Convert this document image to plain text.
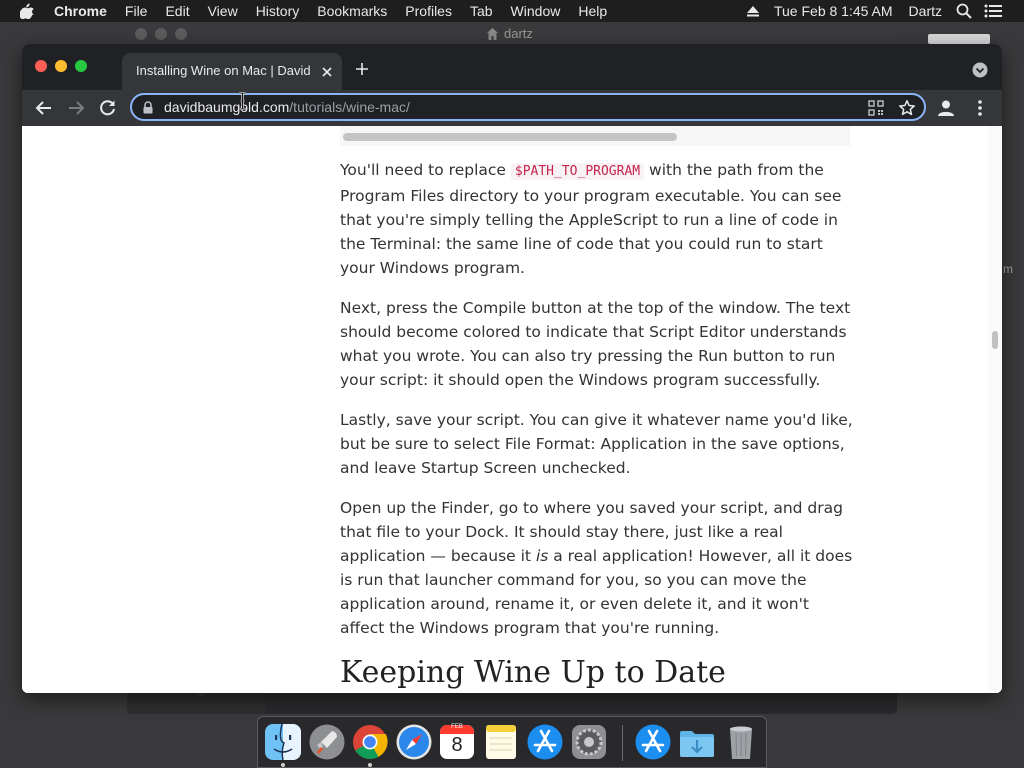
Chrome File Edit View History Bookmarks Profiles Tab Window Help	Tue Feb 8 1:45 AM Dartz
m
dartz
Installing Wine on Mac | David
davidbaumgold.com/tutorials/wine-mac/

You'll need to replace $PATH_TO_PROGRAM with the path from the Program Files directory to your program executable. You can see that you're simply telling the AppleScript to run a line of code in the Terminal: the same line of code that you could run to start your Windows program.

Next, press the Compile button at the top of the window. The text should become colored to indicate that Script Editor understands what you wrote. You can also try pressing the Run button to run your script: it should open the Windows program successfully.

Lastly, save your script. You can give it whatever name you'd like, but be sure to select File Format: Application in the save options, and leave Startup Screen unchecked.

Open up the Finder, go to where you saved your script, and drag that file to your Dock. It should stay there, just like a real application — because it is a real application! However, all it does is run that launcher command for you, so you can move the application around, rename it, or even delete it, and it won't affect the Windows program that you're running.

Keeping Wine Up to Date
FEB
8
